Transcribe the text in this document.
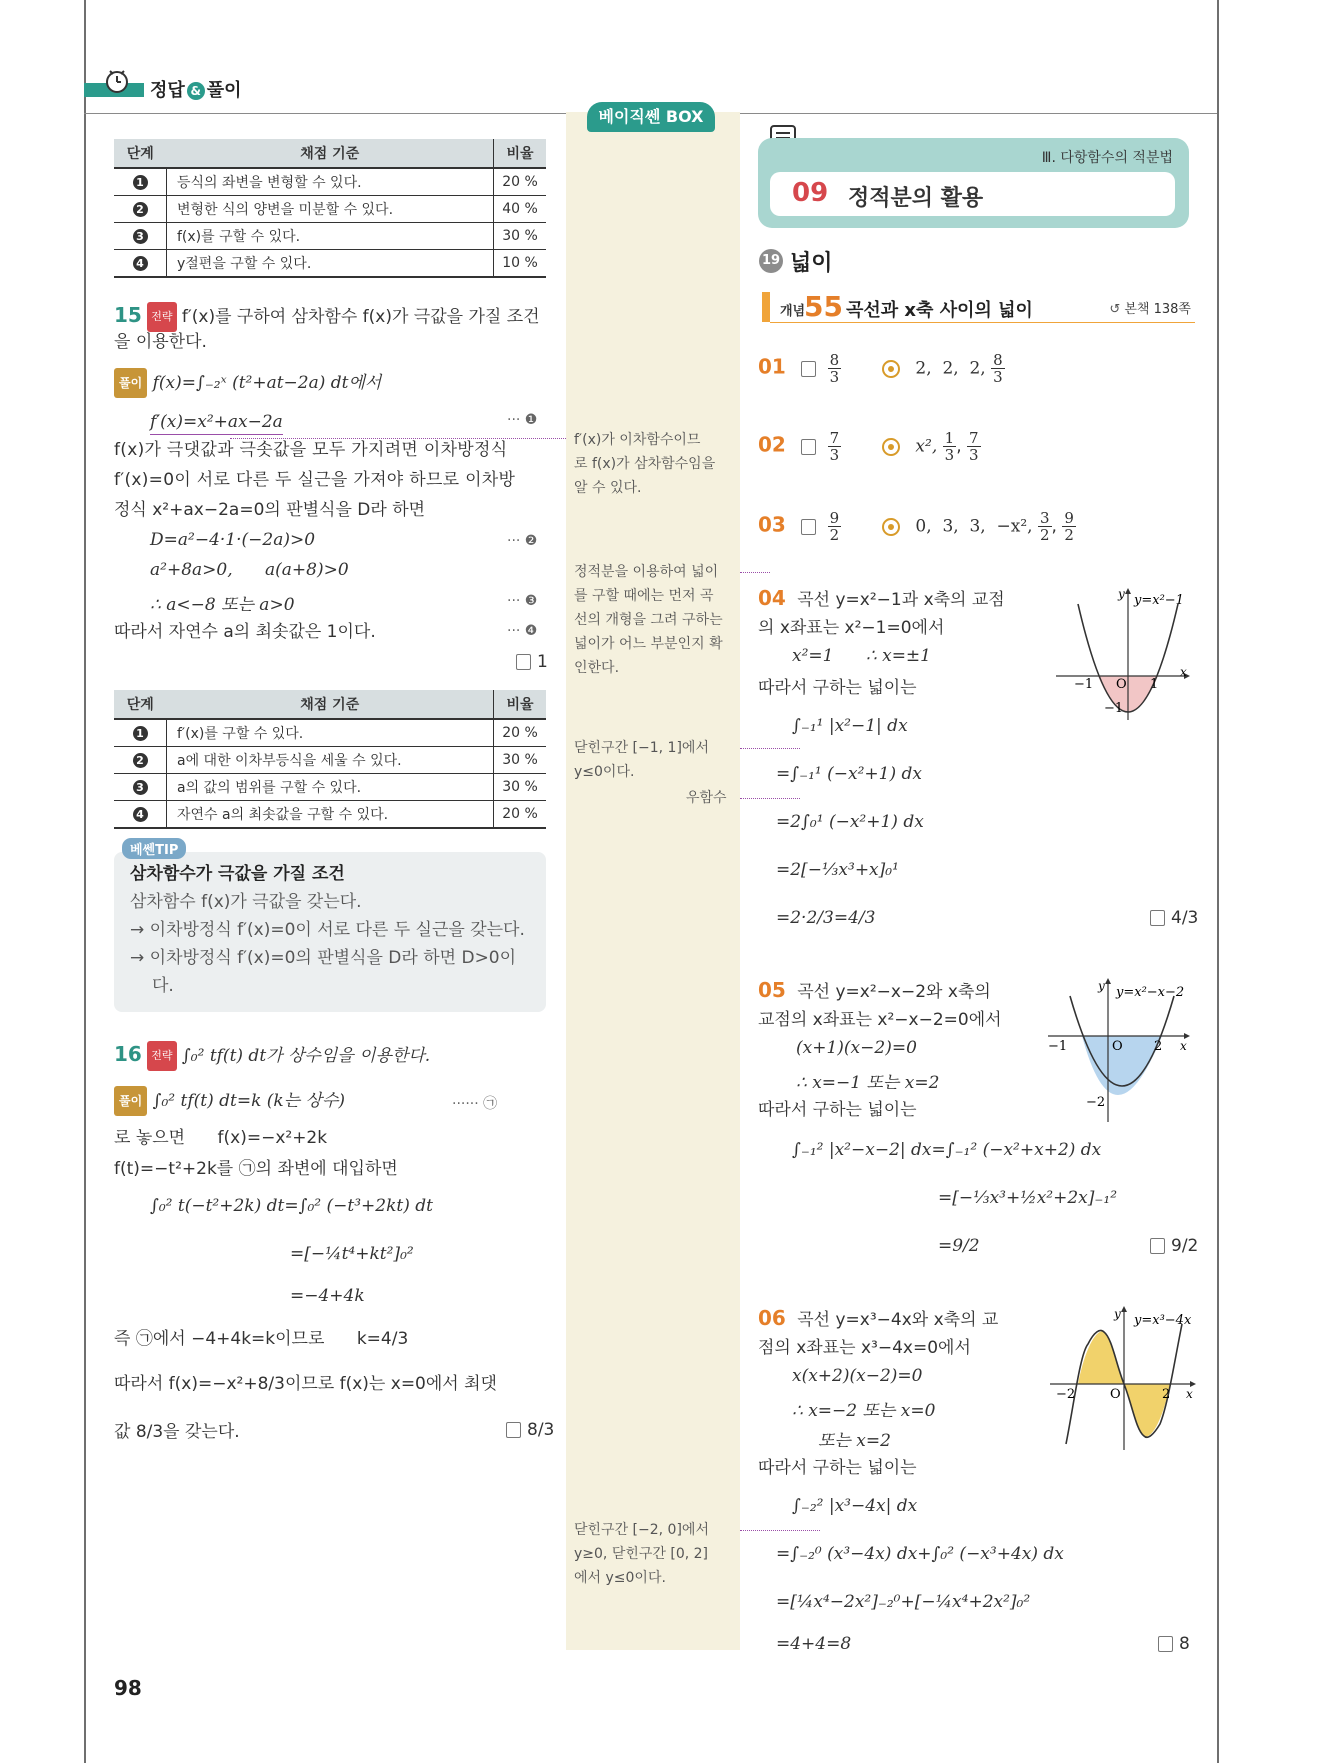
정답 & 풀이
베이직쎈 BOX
단계	채점 기준	비율
1	등식의 좌변을 변형할 수 있다.	20 %
2	변형한 식의 양변을 미분할 수 있다.	40 %
3	f(x)를 구할 수 있다.	30 %
4	y절편을 구할 수 있다.	10 %
15 전략 f′(x)를 구하여 삼차함수 f(x)가 극값을 가질 조건
을 이용한다.
풀이 f(x)=∫₋₂ˣ (t²+at−2a) dt에서
f′(x)=x²+ax−2a	··· ❶
f(x)가 극댓값과 극솟값을 모두 가지려면 이차방정식
f′(x)=0이 서로 다른 두 실근을 가져야 하므로 이차방
정식 x²+ax−2a=0의 판별식을 D라 하면
D=a²−4·1·(−2a)>0	··· ❷
a²+8a>0,      a(a+8)>0
∴ a<−8 또는 a>0	··· ❸
따라서 자연수 a의 최솟값은 1이다.	··· ❹
1
단계	채점 기준	비율
1	f′(x)를 구할 수 있다.	20 %
2	a에 대한 이차부등식을 세울 수 있다.	30 %
3	a의 값의 범위를 구할 수 있다.	30 %
4	자연수 a의 최솟값을 구할 수 있다.	20 %
베쎈TIP
삼차함수가 극값을 가질 조건
삼차함수 f(x)가 극값을 갖는다.
→ 이차방정식 f′(x)=0이 서로 다른 두 실근을 갖는다.
→ 이차방정식 f′(x)=0의 판별식을 D라 하면 D>0이
다.
16 전략 ∫₀² tf(t) dt가 상수임을 이용한다.
풀이 ∫₀² tf(t) dt=k (k는 상수)	······ ㉠
로 놓으면      f(x)=−x²+2k
f(t)=−t²+2k를 ㉠의 좌변에 대입하면
∫₀² t(−t²+2k) dt=∫₀² (−t³+2kt) dt
=[−¼t⁴+kt²]₀²
=−4+4k
즉 ㉠에서 −4+4k=k이므로      k=4/3
따라서 f(x)=−x²+8/3이므로 f(x)는 x=0에서 최댓
값 8/3을 갖는다.	8/3
f′(x)가 이차함수이므
로 f(x)가 삼차함수임을
알 수 있다.
정적분을 이용하여 넓이
를 구할 때에는 먼저 곡
선의 개형을 그려 구하는
넓이가 어느 부분인지 확
인한다.
닫힌구간 [−1, 1]에서
y≤0이다.
우함수
닫힌구간 [−2, 0]에서
y≥0, 닫힌구간 [0, 2]
에서 y≤0이다.
Ⅲ. 다항함수의 적분법
09 정적분의 활용
19 넓이
개념
55 곡선과 x축 사이의 넓이	↺ 본책 138쪽
01	$\frac{8}{3}$	2,  2,  2, $\frac{8}{3}$
02	$\frac{7}{3}$	x², $\frac{1}{3}$ , $\frac{7}{3}$
03	$\frac{9}{2}$	0,  3,  3,  −x², $\frac{3}{2}$ , $\frac{9}{2}$
04 곡선 y=x²−1과 x축의 교점
의 x좌표는 x²−1=0에서
x²=1      ∴ x=±1
따라서 구하는 넓이는
∫₋₁¹ |x²−1| dx
=∫₋₁¹ (−x²+1) dx
=2∫₀¹ (−x²+1) dx
=2[−⅓x³+x]₀¹
=2·2/3=4/3	4/3
y y=x²−1
x
O
−1	1
−1
05 곡선 y=x²−x−2와 x축의
교점의 x좌표는 x²−x−2=0에서
(x+1)(x−2)=0
∴ x=−1 또는 x=2
따라서 구하는 넓이는
∫₋₁² |x²−x−2| dx=∫₋₁² (−x²+x+2) dx
=[−⅓x³+½x²+2x]₋₁²
=9/2	9/2
y y=x²−x−2
x
O
−1	2
−2
06 곡선 y=x³−4x와 x축의 교
점의 x좌표는 x³−4x=0에서
x(x+2)(x−2)=0
∴ x=−2 또는 x=0
또는 x=2
따라서 구하는 넓이는
∫₋₂² |x³−4x| dx
=∫₋₂⁰ (x³−4x) dx+∫₀² (−x³+4x) dx
=[¼x⁴−2x²]₋₂⁰+[−¼x⁴+2x²]₀²
=4+4=8	8
y y=x³−4x
x
O
−2	2
98
